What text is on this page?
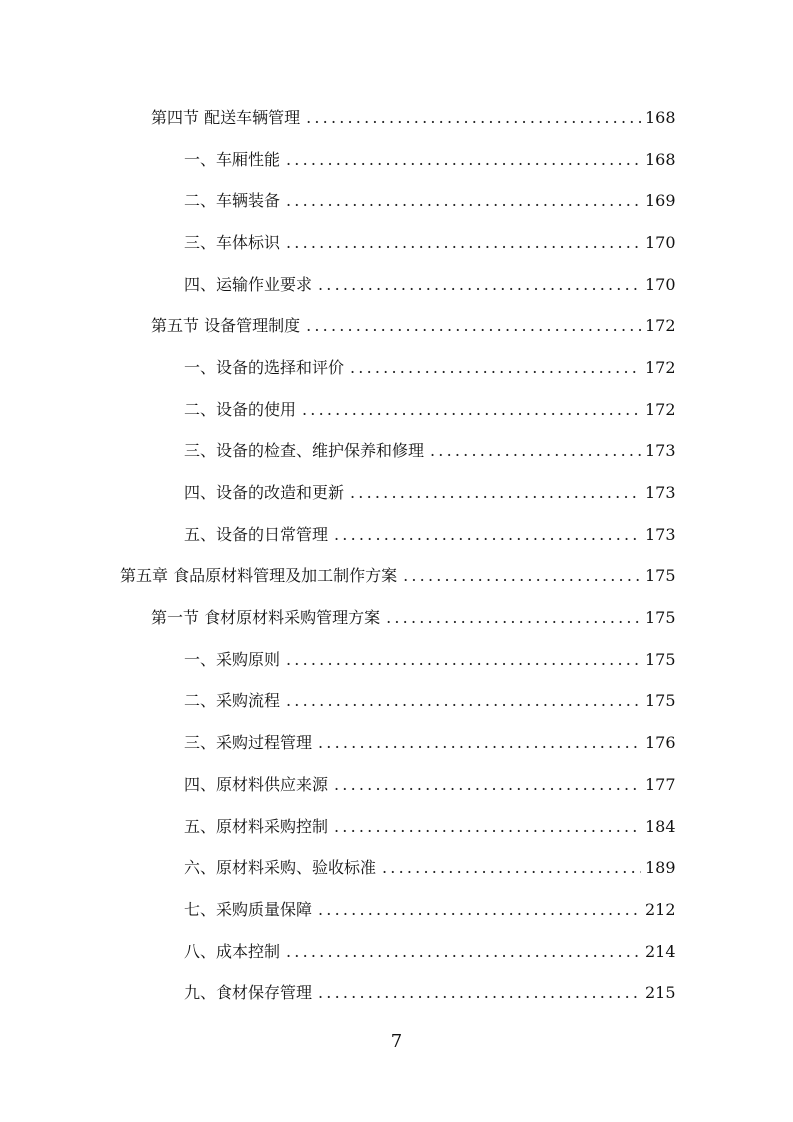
第四节 配送车辆管理 .....	168
一、车厢性能 .....	168
二、车辆装备 .....	169
三、车体标识 .....	170
四、运输作业要求 .....	170
第五节 设备管理制度 .....	172
一、设备的选择和评价 .....	172
二、设备的使用 .....	172
三、设备的检查、维护保养和修理 .....	173
四、设备的改造和更新 .....	173
五、设备的日常管理 .....	173
第五章 食品原材料管理及加工制作方案 .....	175
第一节 食材原材料采购管理方案 .....	175
一、采购原则 .....	175
二、采购流程 .....	175
三、采购过程管理 .....	176
四、原材料供应来源 .....	177
五、原材料采购控制 .....	184
六、原材料采购、验收标准 .....	189
七、采购质量保障 .....	212
八、成本控制 .....	214
九、食材保存管理 .....	215
7
